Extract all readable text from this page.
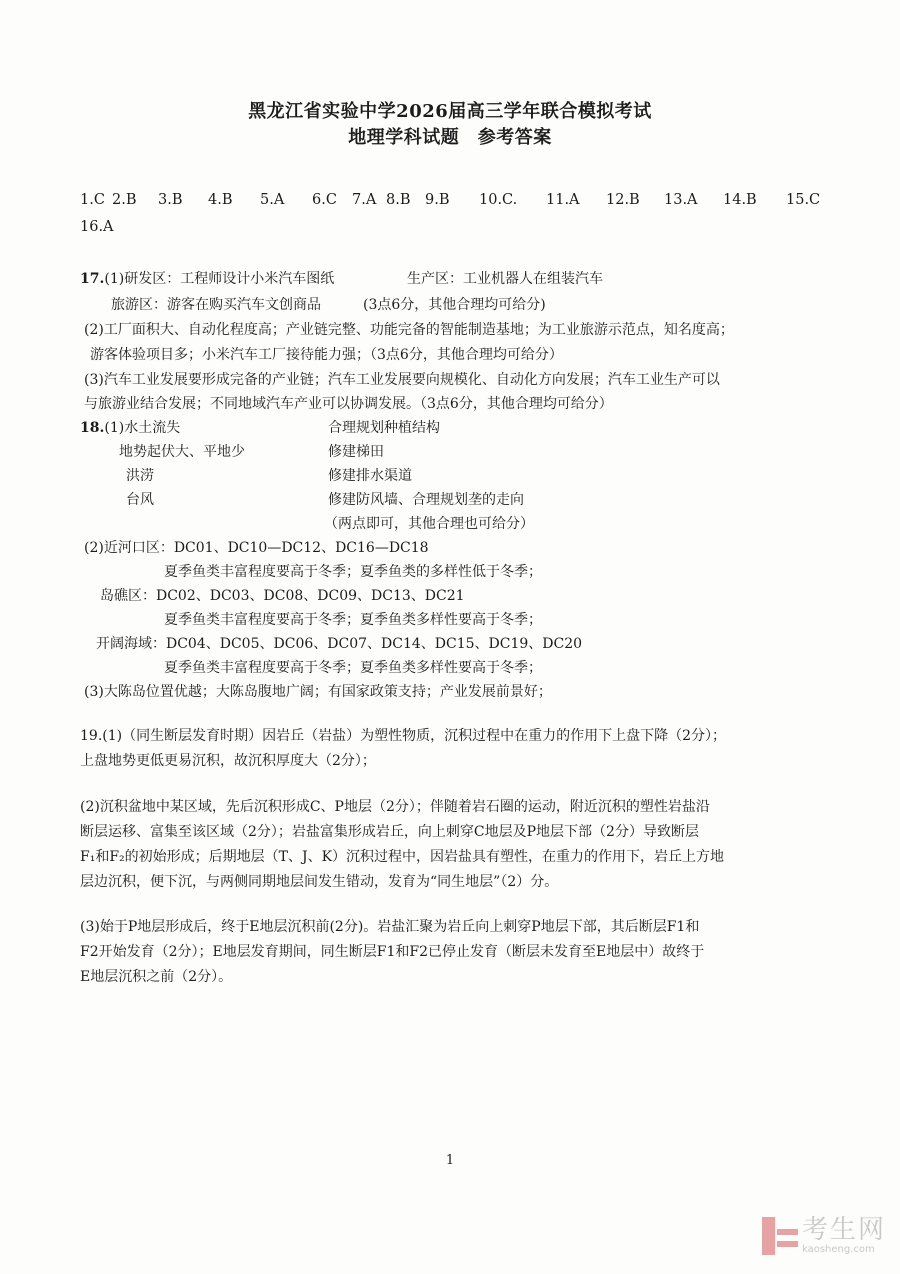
黑龙江省实验中学2026届高三学年联合模拟考试
地理学科试题　参考答案
1.C 2.B 3.B 4.B 5.A 6.C 7.A 8.B 9.B 10.C. 11.A 12.B 13.A 14.B 15.C
16.A
17.(1)研发区：工程师设计小米汽车图纸	生产区：工业机器人在组装汽车
旅游区：游客在购买汽车文创商品　　　(3点6分，其他合理均可给分)
(2)工厂面积大、自动化程度高；产业链完整、功能完备的智能制造基地；为工业旅游示范点，知名度高；
游客体验项目多；小米汽车工厂接待能力强；（3点6分，其他合理均可给分）
(3)汽车工业发展要形成完备的产业链；汽车工业发展要向规模化、自动化方向发展；汽车工业生产可以
与旅游业结合发展；不同地域汽车产业可以协调发展。（3点6分，其他合理均可给分）
18.(1)水土流失	合理规划种植结构
地势起伏大、平地少	修建梯田
洪涝	修建排水渠道
台风	修建防风墙、合理规划垄的走向
（两点即可，其他合理也可给分）
(2)近河口区：DC01、DC10—DC12、DC16—DC18
夏季鱼类丰富程度要高于冬季；夏季鱼类的多样性低于冬季；
岛礁区：DC02、DC03、DC08、DC09、DC13、DC21
夏季鱼类丰富程度要高于冬季；夏季鱼类多样性要高于冬季；
开阔海域：DC04、DC05、DC06、DC07、DC14、DC15、DC19、DC20
夏季鱼类丰富程度要高于冬季；夏季鱼类多样性要高于冬季；
(3)大陈岛位置优越；大陈岛腹地广阔；有国家政策支持；产业发展前景好；
19.(1)（同生断层发育时期）因岩丘（岩盐）为塑性物质，沉积过程中在重力的作用下上盘下降（2分）；
上盘地势更低更易沉积，故沉积厚度大（2分）；
(2)沉积盆地中某区域，先后沉积形成C、P地层（2分）；伴随着岩石圈的运动，附近沉积的塑性岩盐沿
断层运移、富集至该区域（2分）；岩盐富集形成岩丘，向上刺穿C地层及P地层下部（2分）导致断层
F₁和F₂的初始形成；后期地层（T、J、K）沉积过程中，因岩盐具有塑性，在重力的作用下，岩丘上方地
层边沉积，便下沉，与两侧同期地层间发生错动，发育为“同生地层”（2）分。
(3)始于P地层形成后，终于E地层沉积前(2分)。岩盐汇聚为岩丘向上刺穿P地层下部，其后断层F1和
F2开始发育（2分）；E地层发育期间，同生断层F1和F2已停止发育（断层未发育至E地层中）故终于
E地层沉积之前（2分）。
1
考生网
kaosheng.com
